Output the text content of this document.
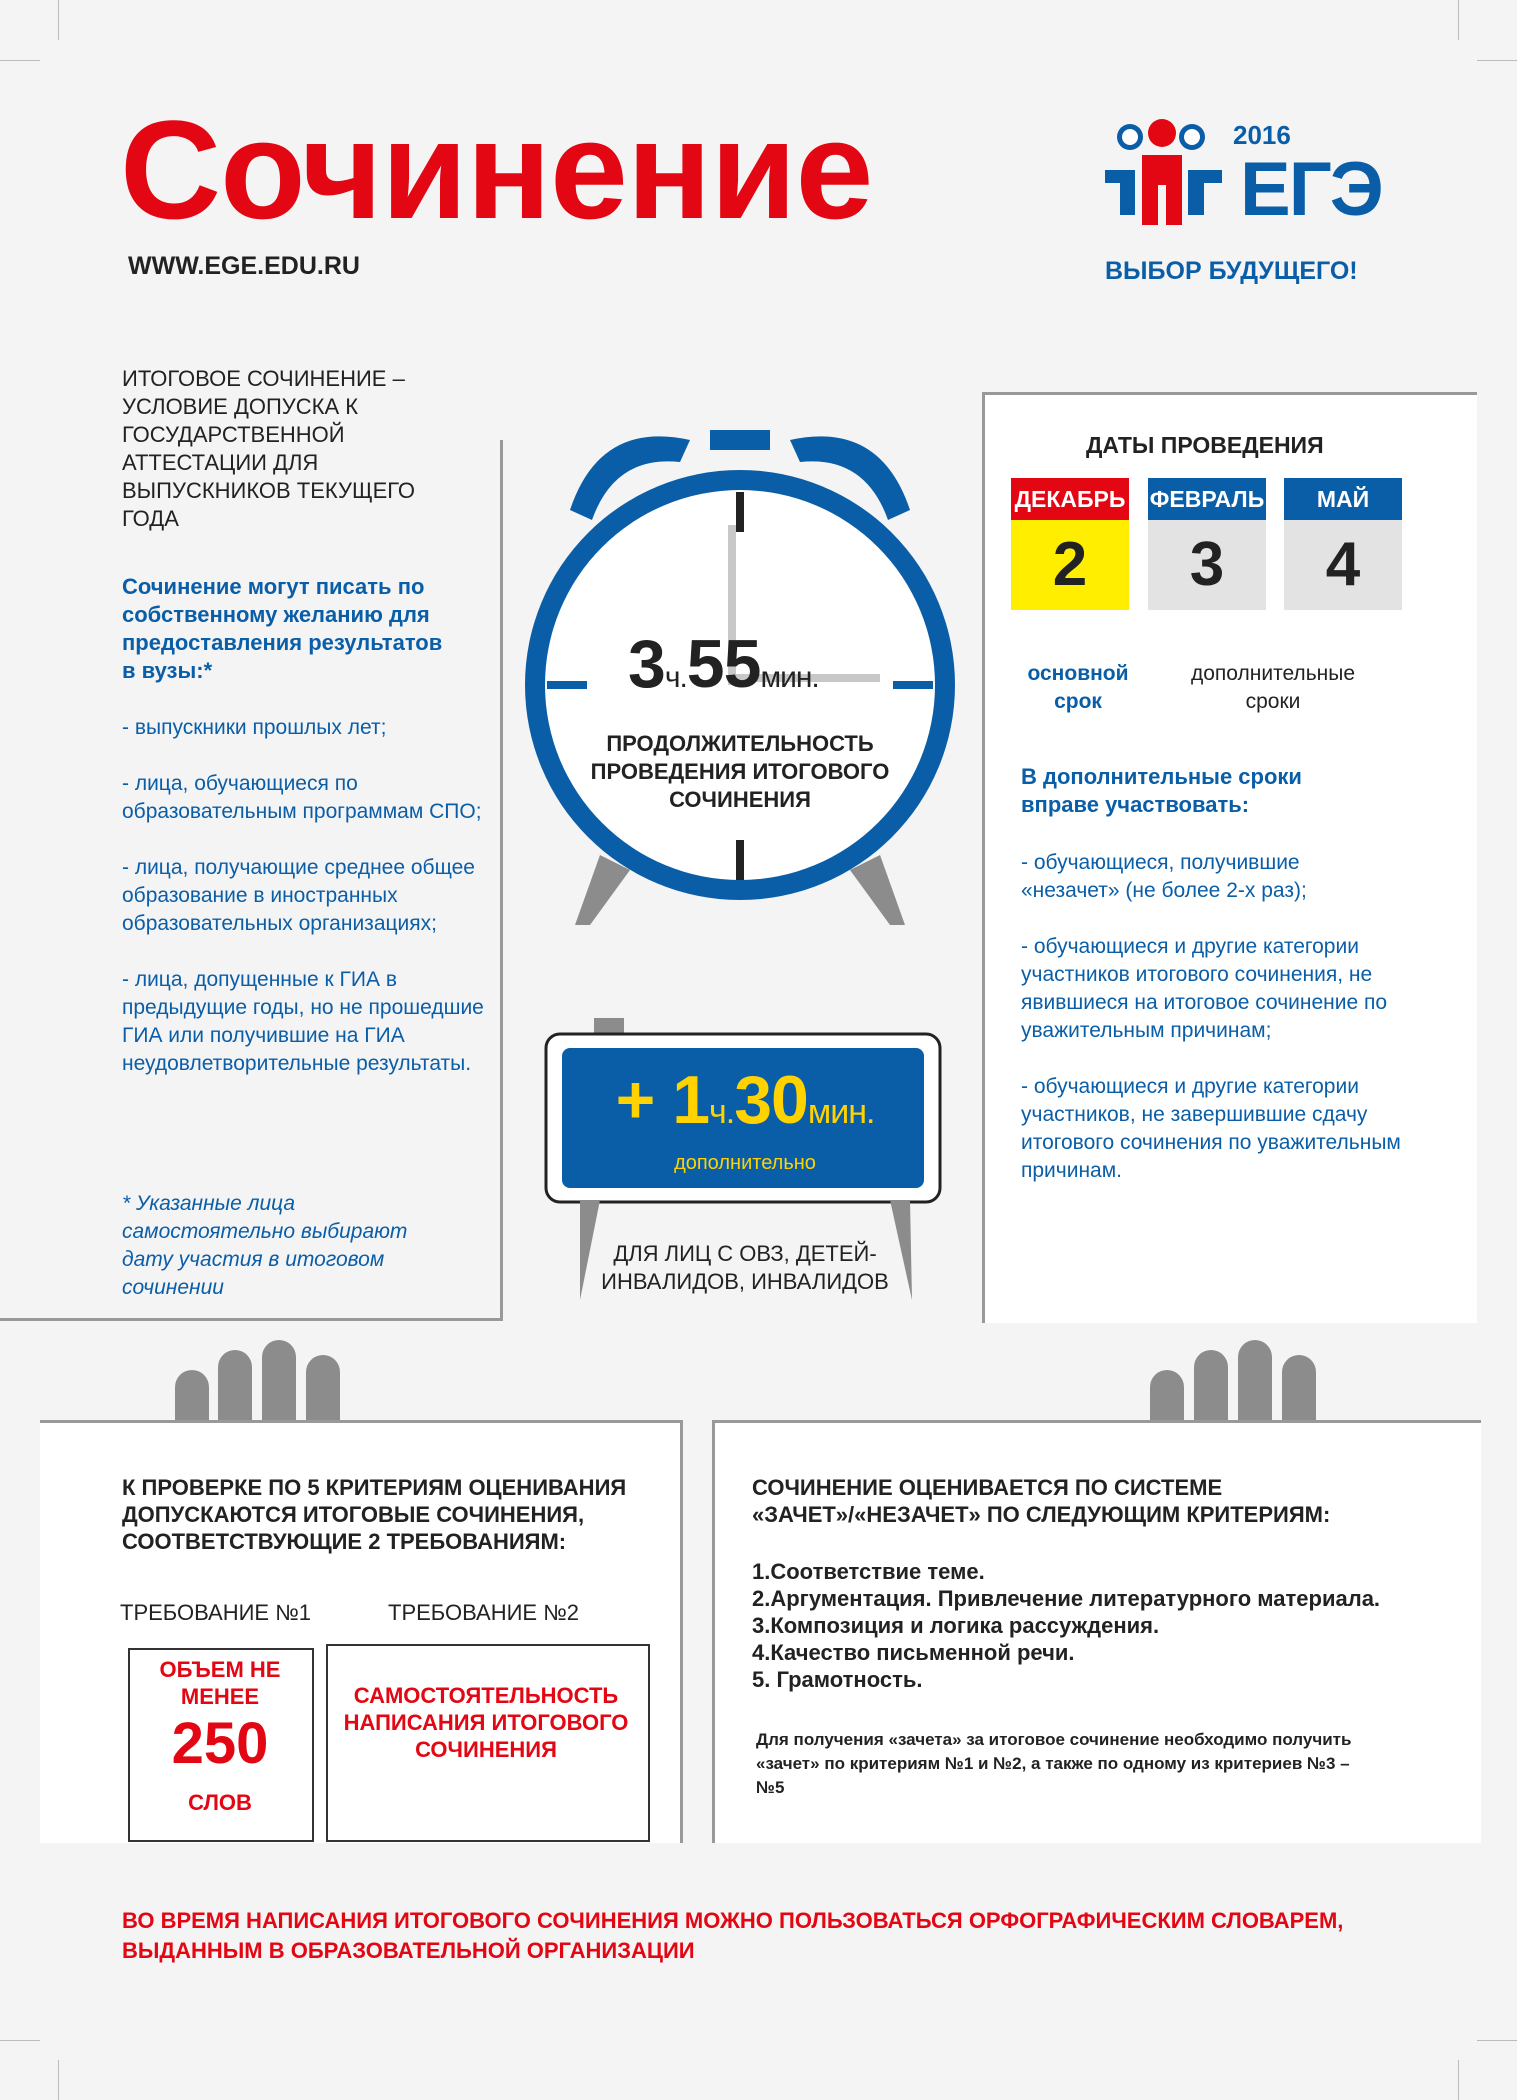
Сочинение
WWW.EGE.EDU.RU
2016
ЕГЭ
ВЫБОР БУДУЩЕГО!
ИТОГОВОЕ СОЧИНЕНИЕ – УСЛОВИЕ ДОПУСКА К ГОСУДАРСТВЕННОЙ АТТЕСТАЦИИ ДЛЯ ВЫПУСКНИКОВ ТЕКУЩЕГО ГОДА
Сочинение могут писать по собственному желанию для предоставления результатов в вузы:*

- выпускники прошлых лет;

- лица, обучающиеся по образовательным программам СПО;

- лица, получающие среднее общее образование в иностранных образовательных организациях;

- лица, допущенные к ГИА в предыдущие годы, но не прошедшие ГИА или получившие на ГИА неудовлетворительные результаты.

* Указанные лица самостоятельно выбирают дату участия в итоговом сочинении
3ч.55мин.
ПРОДОЛЖИТЕЛЬНОСТЬ ПРОВЕДЕНИЯ ИТОГОВОГО СОЧИНЕНИЯ
+ 1ч.30мин.
дополнительно
ДЛЯ ЛИЦ С ОВЗ, ДЕТЕЙ-ИНВАЛИДОВ, ИНВАЛИДОВ
ДАТЫ ПРОВЕДЕНИЯ
ДЕКАБРЬ
2
ФЕВРАЛЬ
3
МАЙ
4
основной срок
дополнительные сроки
В дополнительные сроки вправе участвовать:

- обучающиеся, получившие «незачет» (не более 2-х раз);

- обучающиеся и другие категории участников итогового сочинения, не явившиеся на итоговое сочинение по уважительным причинам;

- обучающиеся и другие категории участников, не завершившие сдачу итогового сочинения по уважительным причинам.

К ПРОВЕРКЕ ПО 5 КРИТЕРИЯМ ОЦЕНИВАНИЯ ДОПУСКАЮТСЯ ИТОГОВЫЕ СОЧИНЕНИЯ, СООТВЕТСТВУЮЩИЕ 2 ТРЕБОВАНИЯМ:
ТРЕБОВАНИЕ №1	ТРЕБОВАНИЕ №2
ОБЪЕМ НЕ МЕНЕЕ
250
СЛОВ
САМОСТОЯТЕЛЬНОСТЬ НАПИСАНИЯ ИТОГОВОГО СОЧИНЕНИЯ
СОЧИНЕНИЕ ОЦЕНИВАЕТСЯ ПО СИСТЕМЕ «ЗАЧЕТ»/«НЕЗАЧЕТ» ПО СЛЕДУЮЩИМ КРИТЕРИЯМ:
1.Соответствие теме.
2.Аргументация. Привлечение литературного материала.
3.Композиция и логика рассуждения.
4.Качество письменной речи.
5. Грамотность.
Для получения «зачета» за итоговое сочинение необходимо получить «зачет» по критериям №1 и №2, а также по одному из критериев №3 – №5
ВО ВРЕМЯ НАПИСАНИЯ ИТОГОВОГО СОЧИНЕНИЯ МОЖНО ПОЛЬЗОВАТЬСЯ ОРФОГРАФИЧЕСКИМ СЛОВАРЕМ, ВЫДАННЫМ В ОБРАЗОВАТЕЛЬНОЙ ОРГАНИЗАЦИИ
